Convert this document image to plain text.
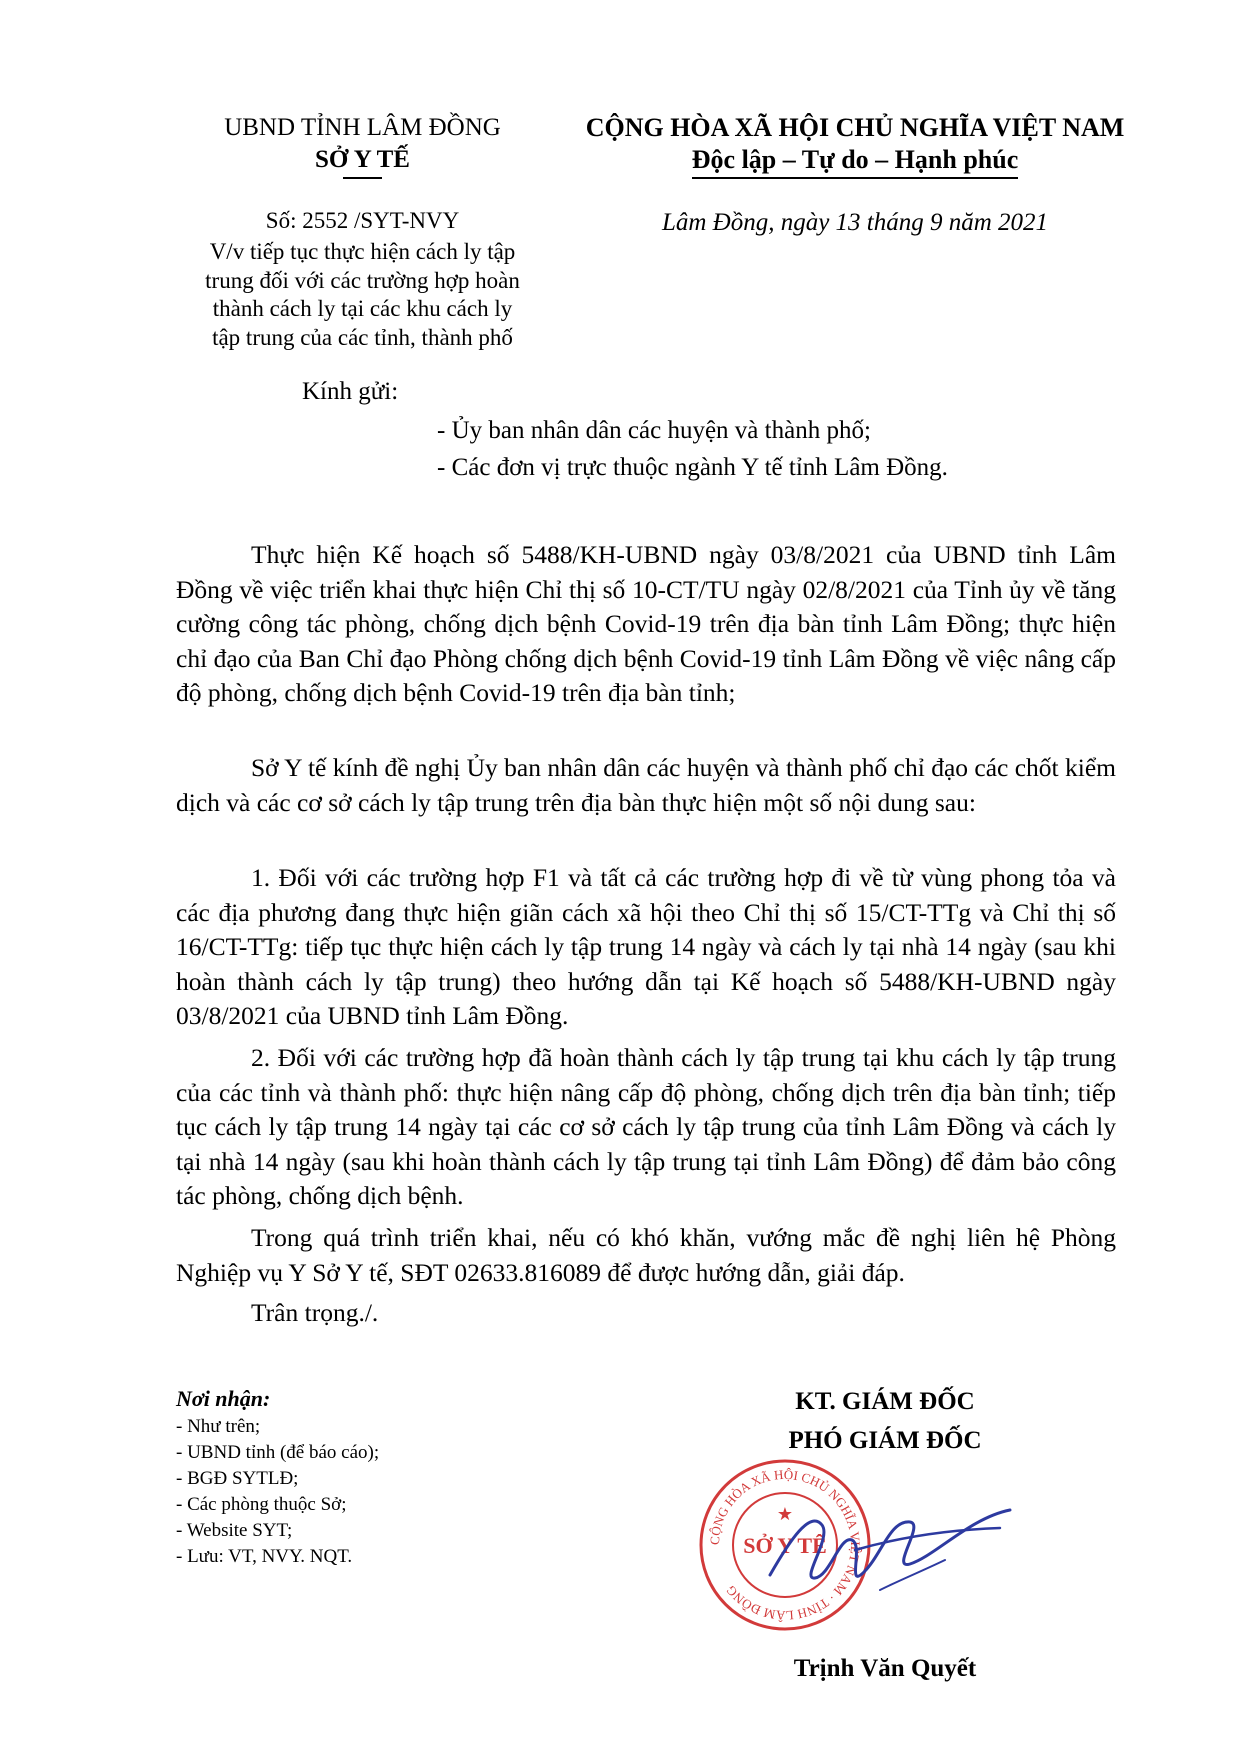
UBND TỈNH LÂM ĐỒNG
SỞ Y TẾ
CỘNG HÒA XÃ HỘI CHỦ NGHĨA VIỆT NAM
Độc lập – Tự do – Hạnh phúc
Số: 2552 /SYT-NVY
V/v tiếp tục thực hiện cách ly tập
trung đối với các trường hợp hoàn
thành cách ly tại các khu cách ly
tập trung của các tỉnh, thành phố
Lâm Đồng, ngày 13 tháng 9 năm 2021
Kính gửi:
- Ủy ban nhân dân các huyện và thành phố;
- Các đơn vị trực thuộc ngành Y tế tỉnh Lâm Đồng.
Thực hiện Kế hoạch số 5488/KH-UBND ngày 03/8/2021 của UBND tỉnh Lâm Đồng về việc triển khai thực hiện Chỉ thị số 10-CT/TU ngày 02/8/2021 của Tỉnh ủy về tăng cường công tác phòng, chống dịch bệnh Covid-19 trên địa bàn tỉnh Lâm Đồng; thực hiện chỉ đạo của Ban Chỉ đạo Phòng chống dịch bệnh Covid-19 tỉnh Lâm Đồng về việc nâng cấp độ phòng, chống dịch bệnh Covid-19 trên địa bàn tỉnh;
Sở Y tế kính đề nghị Ủy ban nhân dân các huyện và thành phố chỉ đạo các chốt kiểm dịch và các cơ sở cách ly tập trung trên địa bàn thực hiện một số nội dung sau:
1. Đối với các trường hợp F1 và tất cả các trường hợp đi về từ vùng phong tỏa và các địa phương đang thực hiện giãn cách xã hội theo Chỉ thị số 15/CT-TTg và Chỉ thị số 16/CT-TTg: tiếp tục thực hiện cách ly tập trung 14 ngày và cách ly tại nhà 14 ngày (sau khi hoàn thành cách ly tập trung) theo hướng dẫn tại Kế hoạch số 5488/KH-UBND ngày 03/8/2021 của UBND tỉnh Lâm Đồng.
2. Đối với các trường hợp đã hoàn thành cách ly tập trung tại khu cách ly tập trung của các tỉnh và thành phố: thực hiện nâng cấp độ phòng, chống dịch trên địa bàn tỉnh; tiếp tục cách ly tập trung 14 ngày tại các cơ sở cách ly tập trung của tỉnh Lâm Đồng và cách ly tại nhà 14 ngày (sau khi hoàn thành cách ly tập trung tại tỉnh Lâm Đồng) để đảm bảo công tác phòng, chống dịch bệnh.
Trong quá trình triển khai, nếu có khó khăn, vướng mắc đề nghị liên hệ Phòng Nghiệp vụ Y Sở Y tế, SĐT 02633.816089 để được hướng dẫn, giải đáp.
Trân trọng./.
Nơi nhận:
- Như trên;
- UBND tỉnh (để báo cáo);
- BGĐ SYTLĐ;
- Các phòng thuộc Sở;
- Website SYT;
- Lưu: VT, NVY. NQT.
KT. GIÁM ĐỐC
PHÓ GIÁM ĐỐC
CỘNG HÒA XÃ HỘI CHỦ NGHĨA VIỆT NAM · TỈNH LÂM ĐỒNG
SỞ Y TẾ
★
Trịnh Văn Quyết
